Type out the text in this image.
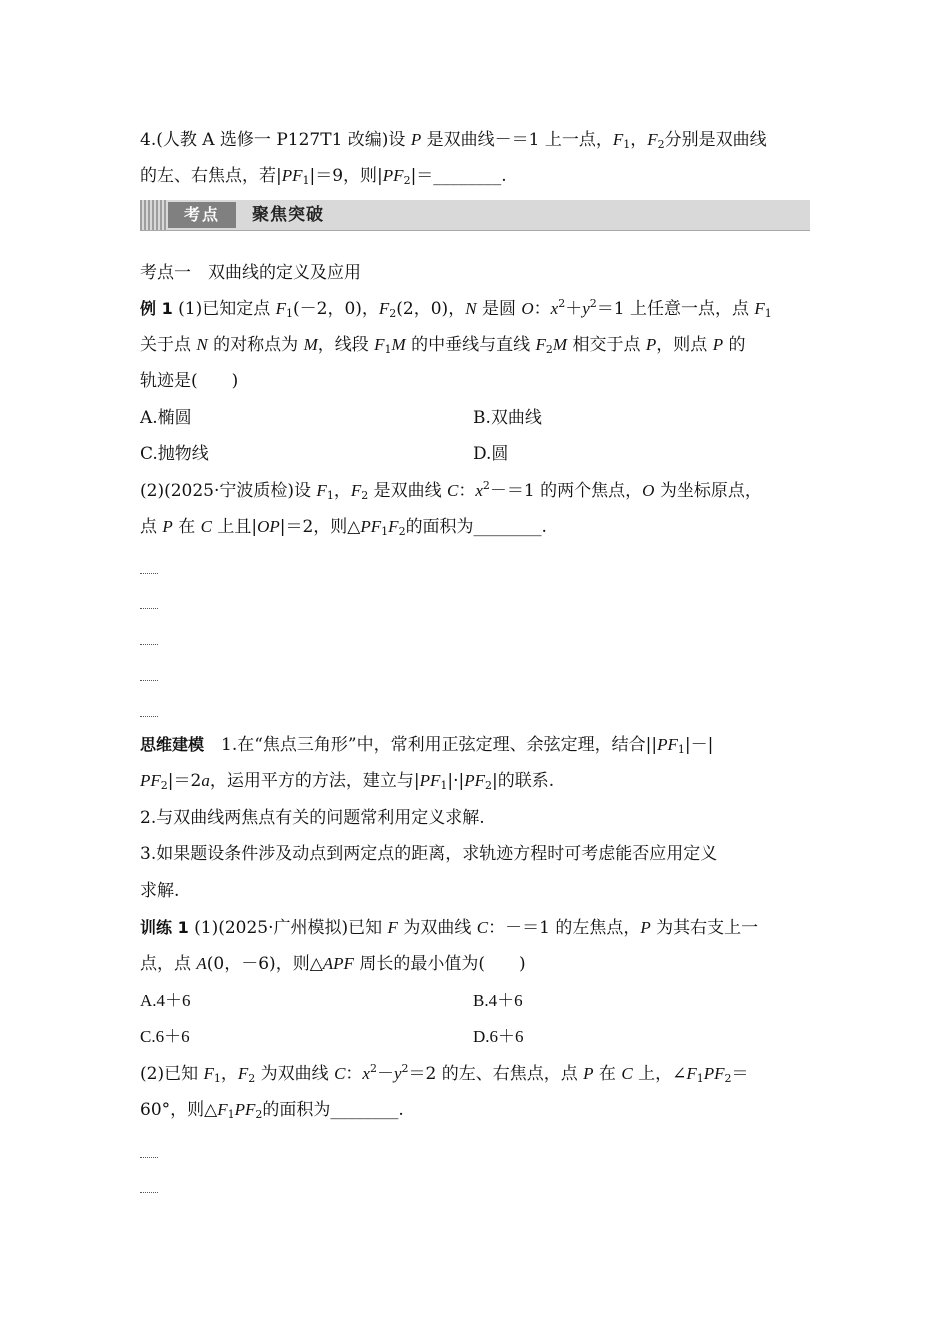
4.(人教 A 选修一 P127T1 改编)设 P 是双曲线－＝1 上一点，$F_1$，$F_2$分别是双曲线
的左、右焦点，若$|PF_1|=9$，则$|PF_2|=\_\_\_\_\_\_\_\_$.
考点	聚焦突破
考点一　双曲线的定义及应用
例 1 (1)已知定点 $F_1(-2$，0)，$F_2(2$，0)，N 是圆 O：$x^2+y^2=1$ 上任意一点，点 $F_1$
关于点 N 的对称点为 M，线段 $F_1M$ 的中垂线与直线 $F_2M$ 相交于点 P，则点 P 的
轨迹是(　　)
A.椭圆	B.双曲线
C.抛物线	D.圆
(2)(2025·宁波质检)设 $F_1$，$F_2$ 是双曲线 C：$x^2-=1$ 的两个焦点，O 为坐标原点，
点 P 在 C 上且|OP|＝2，则$\triangle PF_1F_2$的面积为________.
思维建模　1.在“焦点三角形”中，常利用正弦定理、余弦定理，结合$||PF_1|-|$
$PF_2|=2a$，运用平方的方法，建立与$|PF_1|\cdot|PF_2|$的联系.
2.与双曲线两焦点有关的问题常利用定义求解.
3.如果题设条件涉及动点到两定点的距离，求轨迹方程时可考虑能否应用定义
求解.
训练 1 (1)(2025·广州模拟)已知 F 为双曲线 C：－＝1 的左焦点，P 为其右支上一
点，点 A(0，－6)，则△APF 周长的最小值为(　　)
A.4＋6	B.4＋6
C.6＋6	D.6＋6
(2)已知 $F_1$，$F_2$ 为双曲线 C：$x^2-y^2=2$ 的左、右焦点，点 P 在 C 上，$\angle F_1PF_2=$
60°，则$\triangle F_1PF_2$的面积为________.
